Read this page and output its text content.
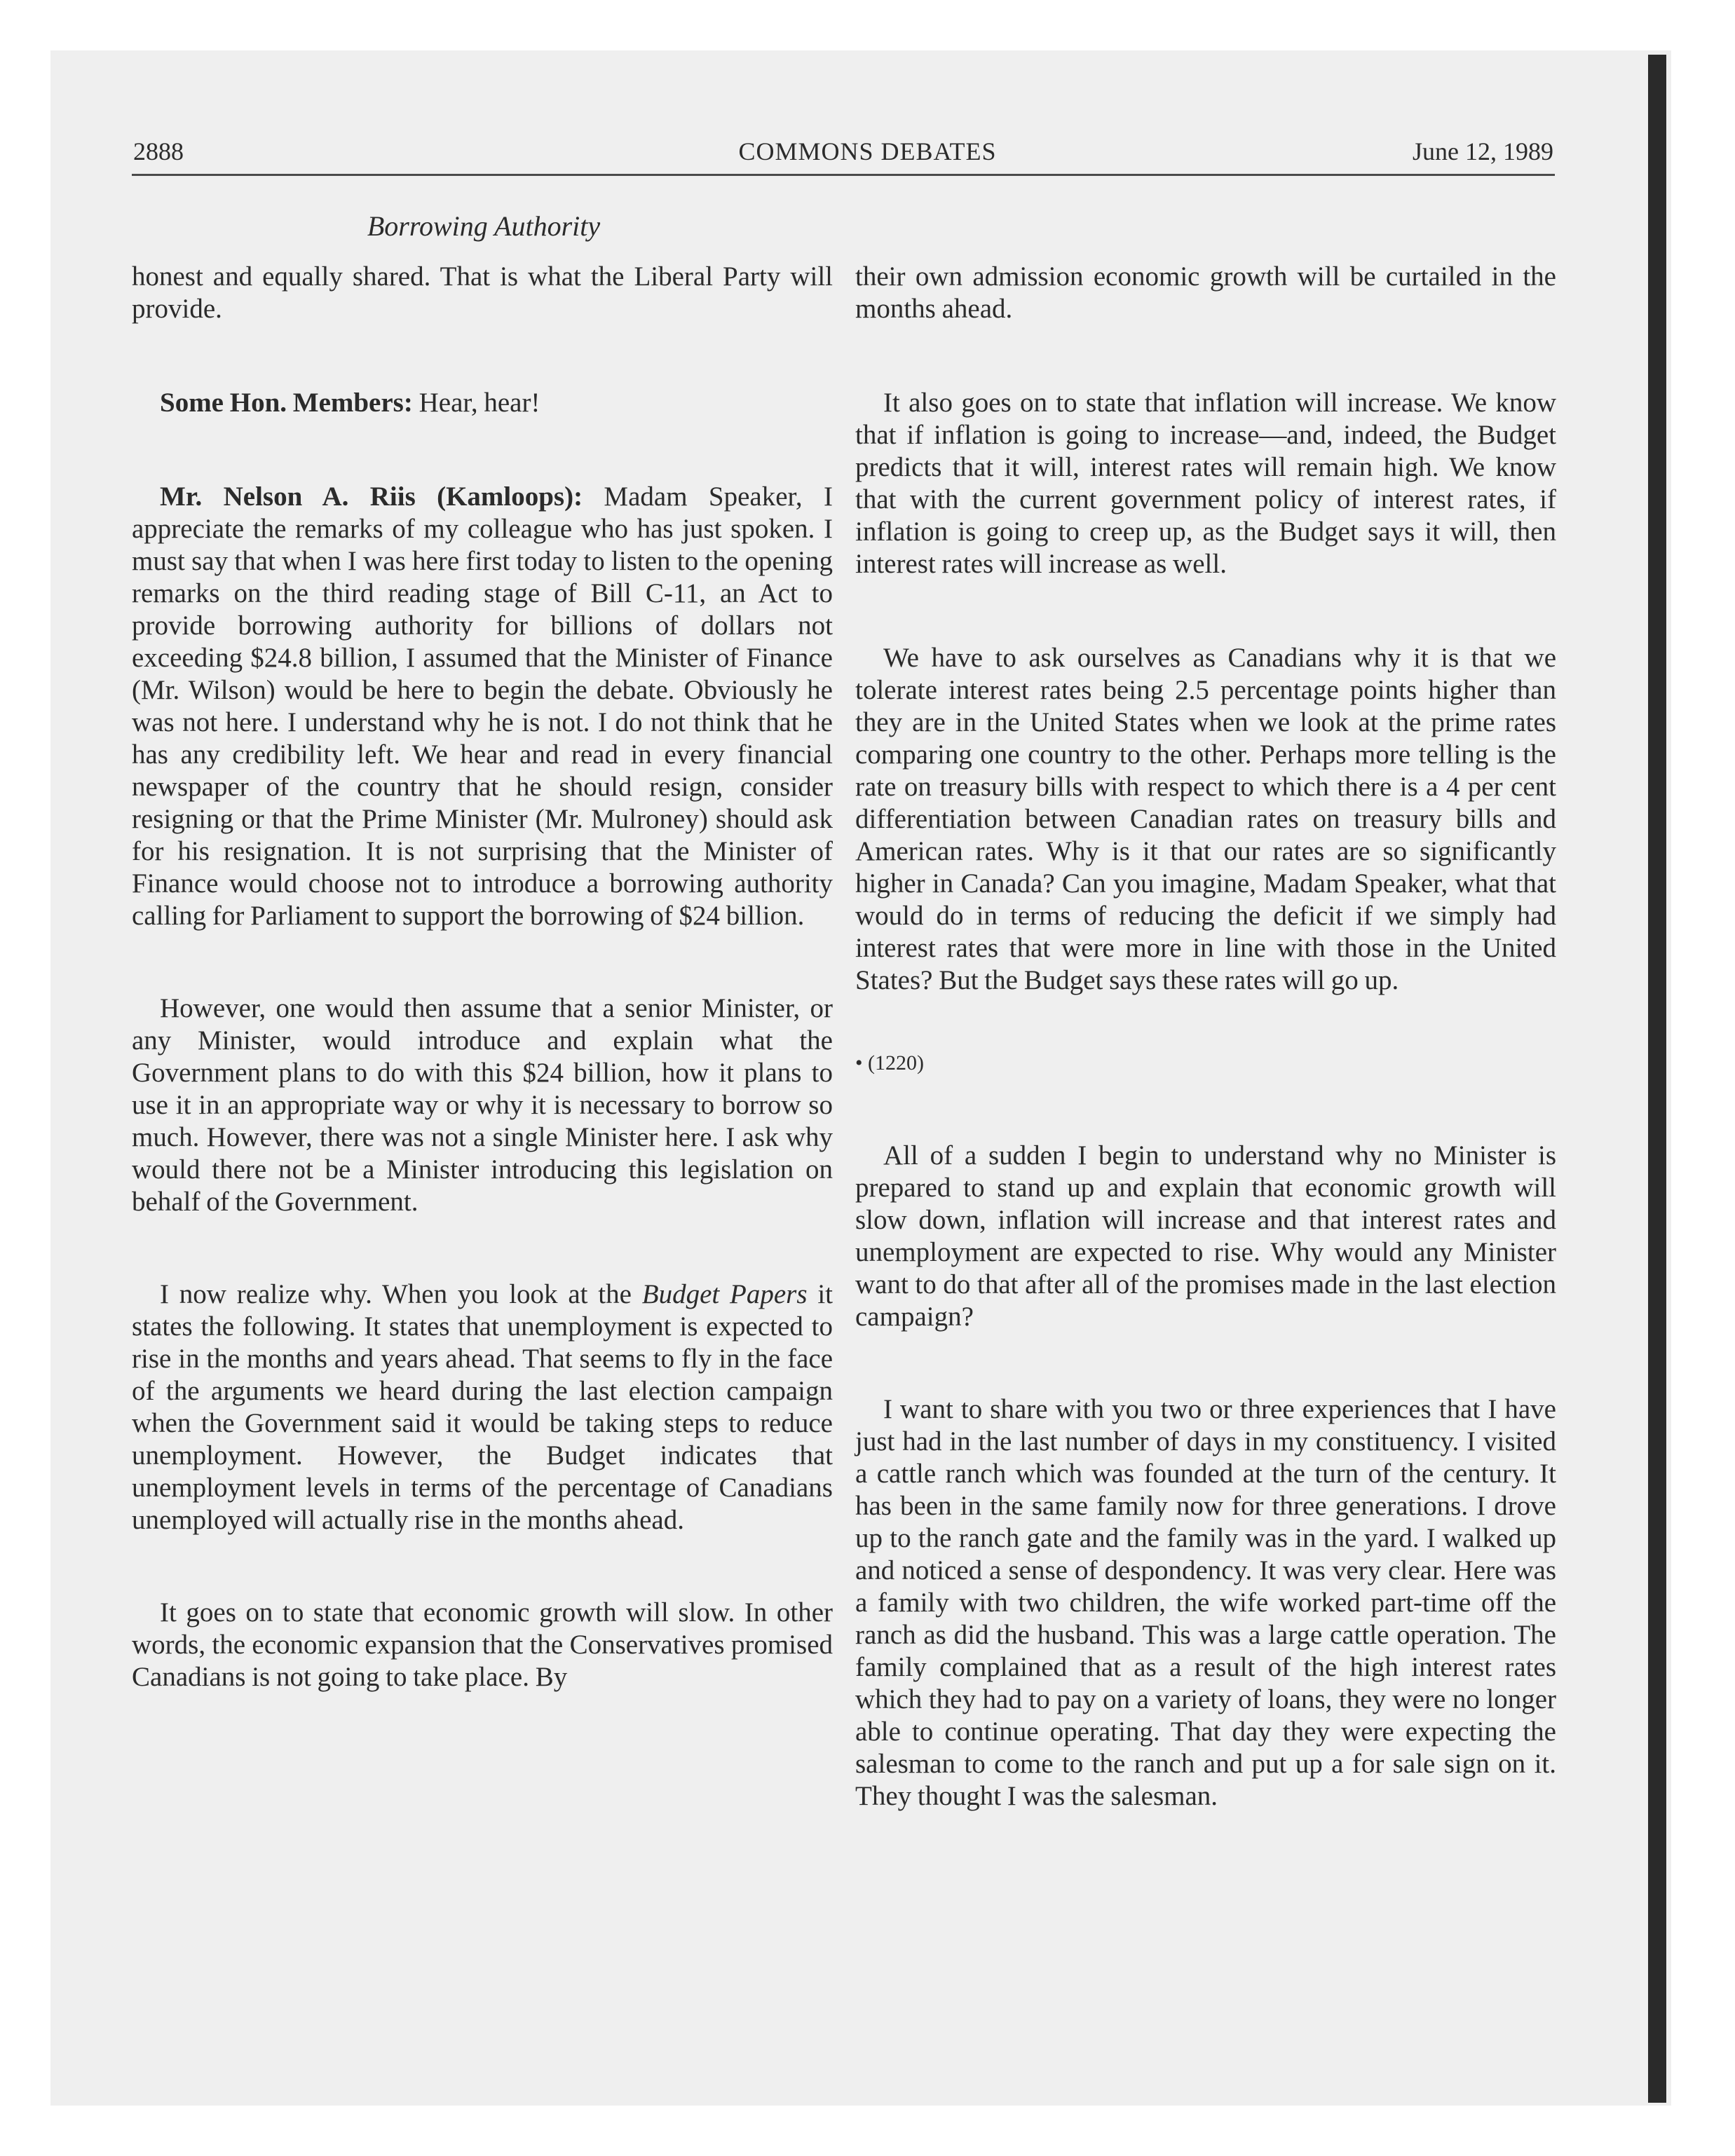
2888	COMMONS DEBATES	June 12, 1989
Borrowing Authority

honest and equally shared. That is what the Liberal Party will provide.

Some Hon. Members: Hear, hear!

Mr. Nelson A. Riis (Kamloops): Madam Speaker, I appreciate the remarks of my colleague who has just spoken. I must say that when I was here first today to listen to the opening remarks on the third reading stage of Bill C-11, an Act to provide borrowing authority for billions of dollars not exceeding $24.8 billion, I assumed that the Minister of Finance (Mr. Wilson) would be here to begin the debate. Obviously he was not here. I understand why he is not. I do not think that he has any credibility left. We hear and read in every financial newspaper of the country that he should resign, consider resigning or that the Prime Minister (Mr. Mulroney) should ask for his resignation. It is not surprising that the Minister of Finance would choose not to introduce a borrowing authority calling for Parliament to support the borrowing of $24 billion.

However, one would then assume that a senior Minister, or any Minister, would introduce and explain what the Government plans to do with this $24 billion, how it plans to use it in an appropriate way or why it is necessary to borrow so much. However, there was not a single Minister here. I ask why would there not be a Minister introducing this legislation on behalf of the Government.

I now realize why. When you look at the Budget Papers it states the following. It states that unemployment is expected to rise in the months and years ahead. That seems to fly in the face of the arguments we heard during the last election campaign when the Government said it would be taking steps to reduce unemployment. However, the Budget indicates that unemployment levels in terms of the percentage of Canadians unemployed will actually rise in the months ahead.

It goes on to state that economic growth will slow. In other words, the economic expansion that the Conservatives promised Canadians is not going to take place. By

their own admission economic growth will be curtailed in the months ahead.

It also goes on to state that inflation will increase. We know that if inflation is going to increase—and, indeed, the Budget predicts that it will, interest rates will remain high. We know that with the current government policy of interest rates, if inflation is going to creep up, as the Budget says it will, then interest rates will increase as well.

We have to ask ourselves as Canadians why it is that we tolerate interest rates being 2.5 percentage points higher than they are in the United States when we look at the prime rates comparing one country to the other. Perhaps more telling is the rate on treasury bills with respect to which there is a 4 per cent differentiation between Canadian rates on treasury bills and American rates. Why is it that our rates are so significantly higher in Canada? Can you imagine, Madam Speaker, what that would do in terms of reducing the deficit if we simply had interest rates that were more in line with those in the United States? But the Budget says these rates will go up.

• (1220)

All of a sudden I begin to understand why no Minister is prepared to stand up and explain that economic growth will slow down, inflation will increase and that interest rates and unemployment are expected to rise. Why would any Minister want to do that after all of the promises made in the last election campaign?

I want to share with you two or three experiences that I have just had in the last number of days in my constituency. I visited a cattle ranch which was founded at the turn of the century. It has been in the same family now for three generations. I drove up to the ranch gate and the family was in the yard. I walked up and noticed a sense of despondency. It was very clear. Here was a family with two children, the wife worked part-time off the ranch as did the husband. This was a large cattle operation. The family complained that as a result of the high interest rates which they had to pay on a variety of loans, they were no longer able to continue operating. That day they were expecting the salesman to come to the ranch and put up a for sale sign on it. They thought I was the salesman.
